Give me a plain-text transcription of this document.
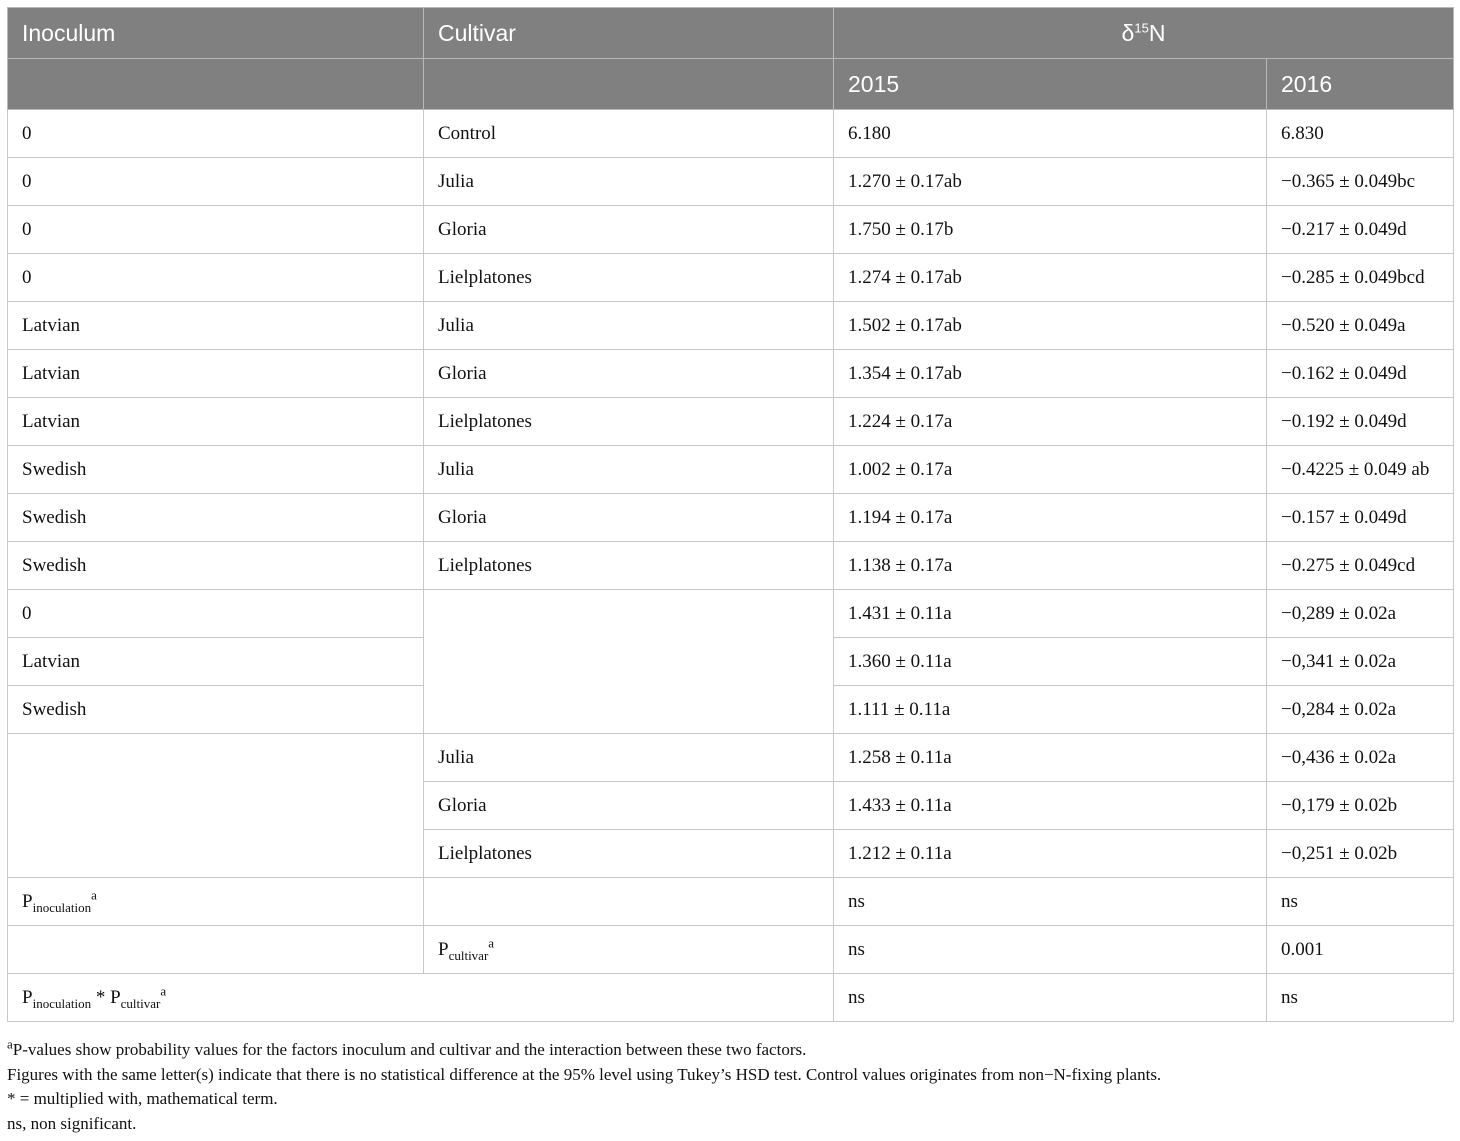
Inoculum	Cultivar	$\delta^{15}N$	
		2015	2016
0	Control	6.180	6.830
0	Julia	1.270 ± 0.17ab	−0.365 ± 0.049bc
0	Gloria	1.750 ± 0.17b	−0.217 ± 0.049d
0	Lielplatones	1.274 ± 0.17ab	−0.285 ± 0.049bcd
Latvian	Julia	1.502 ± 0.17ab	−0.520 ± 0.049a
Latvian	Gloria	1.354 ± 0.17ab	−0.162 ± 0.049d
Latvian	Lielplatones	1.224 ± 0.17a	−0.192 ± 0.049d
Swedish	Julia	1.002 ± 0.17a	−0.4225 ± 0.049 ab
Swedish	Gloria	1.194 ± 0.17a	−0.157 ± 0.049d
Swedish	Lielplatones	1.138 ± 0.17a	−0.275 ± 0.049cd
0		1.431 ± 0.11a	−0,289 ± 0.02a
Latvian		1.360 ± 0.11a	−0,341 ± 0.02a
Swedish		1.111 ± 0.11a	−0,284 ± 0.02a
	Julia	1.258 ± 0.11a	−0,436 ± 0.02a
	Gloria	1.433 ± 0.11a	−0,179 ± 0.02b
	Lielplatones	1.212 ± 0.11a	−0,251 ± 0.02b
$P_{inoculation}^a$		ns	ns
	$P_{cultivar}^a$	ns	0.001
$P_{inoculation} * P_{cultivar}^a$		ns	ns
$^a$P-values show probability values for the factors inoculum and cultivar and the interaction between these two factors.
Figures with the same letter(s) indicate that there is no statistical difference at the 95% level using Tukey’s HSD test. Control values originates from non−N-fixing plants.
* = multiplied with, mathematical term.
ns, non significant.
